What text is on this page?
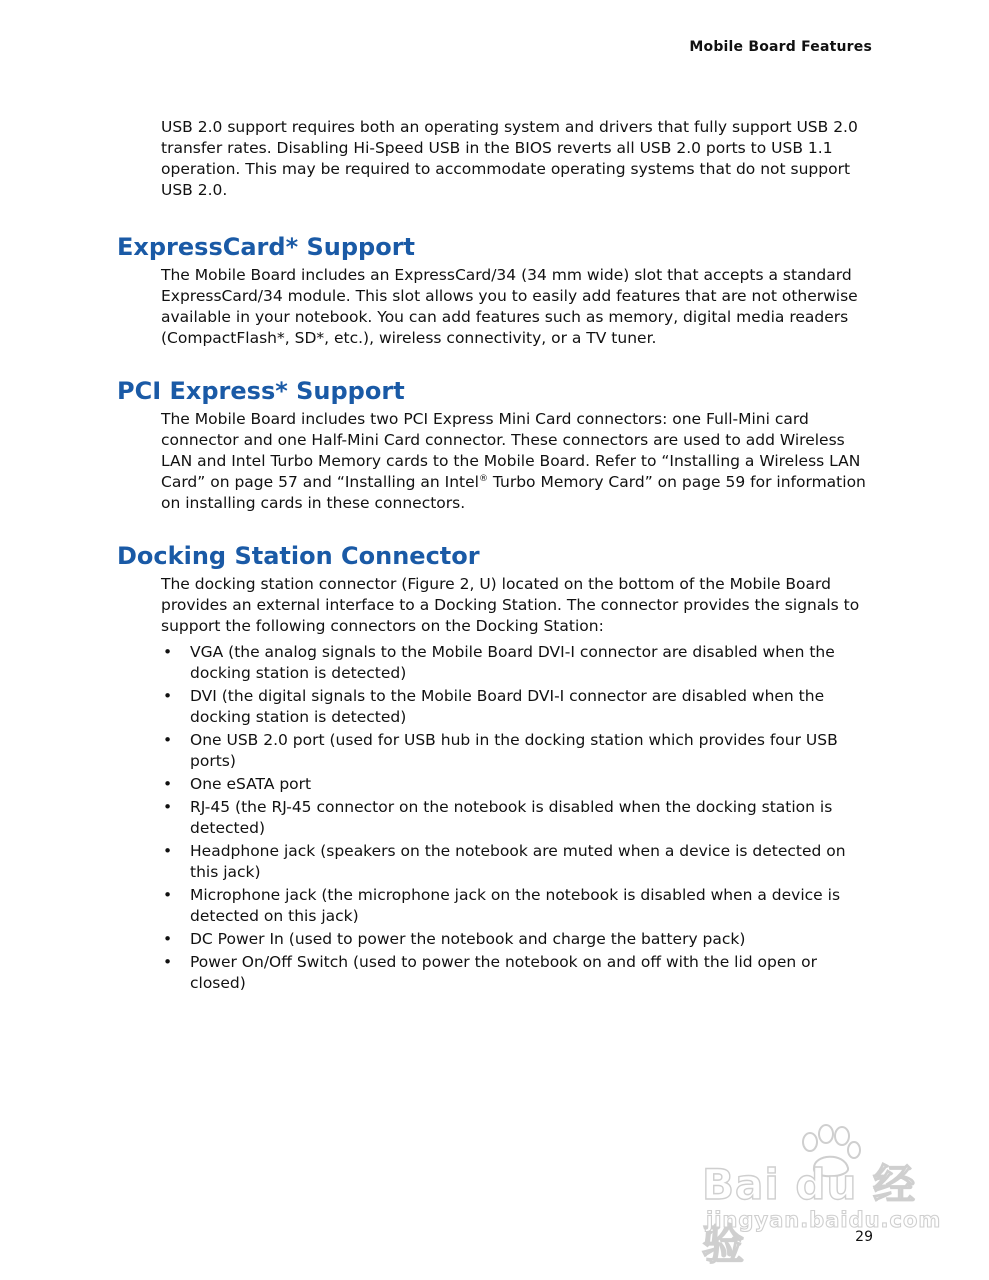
Mobile Board Features

USB 2.0 support requires both an operating system and drivers that fully support USB 2.0 transfer rates. Disabling Hi-Speed USB in the BIOS reverts all USB 2.0 ports to USB 1.1 operation. This may be required to accommodate operating systems that do not support USB 2.0.

ExpressCard* Support

The Mobile Board includes an ExpressCard/34 (34 mm wide) slot that accepts a standard ExpressCard/34 module. This slot allows you to easily add features that are not otherwise available in your notebook. You can add features such as memory, digital media readers (CompactFlash*, SD*, etc.), wireless connectivity, or a TV tuner.

PCI Express* Support

The Mobile Board includes two PCI Express Mini Card connectors: one Full-Mini card connector and one Half-Mini Card connector. These connectors are used to add Wireless LAN and Intel Turbo Memory cards to the Mobile Board. Refer to “Installing a Wireless LAN Card” on page 57 and “Installing an Intel® Turbo Memory Card” on page 59 for information on installing cards in these connectors.

Docking Station Connector

The docking station connector (Figure 2, U) located on the bottom of the Mobile Board provides an external interface to a Docking Station. The connector provides the signals to support the following connectors on the Docking Station:

• VGA (the analog signals to the Mobile Board DVI-I connector are disabled when the docking station is detected)
• DVI (the digital signals to the Mobile Board DVI-I connector are disabled when the docking station is detected)
• One USB 2.0 port (used for USB hub in the docking station which provides four USB ports)
• One eSATA port
• RJ-45 (the RJ-45 connector on the notebook is disabled when the docking station is detected)
• Headphone jack (speakers on the notebook are muted when a device is detected on this jack)
• Microphone jack (the microphone jack on the notebook is disabled when a device is detected on this jack)
• DC Power In (used to power the notebook and charge the battery pack)
• Power On/Off Switch (used to power the notebook on and off with the lid open or closed)
Bai du 经验
jingyan.baidu.com
29
